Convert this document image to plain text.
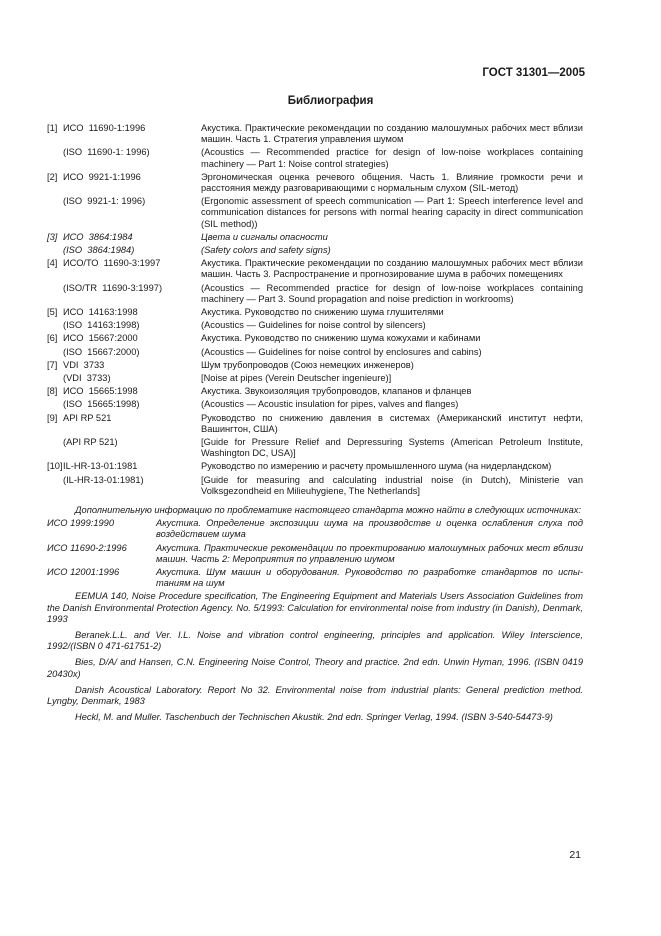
ГОСТ 31301—2005
Библиография
[1] ИСО  11690-1:1996	Акустика. Практические рекомендации по созданию малошумных рабочих мест вблизи машин. Часть 1. Стратегия управления шумом
(ISO  11690-1: 1996)	(Acoustics — Recommended practice for design of low-noise workplaces containing machinery — Part 1: Noise control strategies)
[2] ИСО  9921-1:1996	Эргономическая оценка речевого общения. Часть 1. Влияние громкости речи и расстояния между разговаривающими с нормальным слухом (SIL-метод)
(ISO  9921-1: 1996)	(Ergonomic assessment of speech communication — Part 1: Speech interference level and communication distances for persons with normal hearing capacity in direct communication (SIL method))
[3] ИСО  3864:1984	Цвета и сигналы опасности
(ISO  3864:1984)	(Safety colors and safety signs)
[4] ИСО/ТО  11690-3:1997	Акустика. Практические рекомендации по созданию малошумных рабочих мест вблизи машин. Часть 3. Распространение и прогнозирование шума в рабочих помещениях
(ISO/TR  11690-3:1997)	(Acoustics — Recommended practice for design of low-noise workplaces containing machinery — Part 3. Sound propagation and noise prediction in workrooms)
[5] ИСО  14163:1998	Акустика. Руководство по снижению шума глушителями
(ISO  14163:1998)	(Acoustics — Guidelines for noise control by silencers)
[6] ИСО  15667:2000	Акустика. Руководство по снижению шума кожухами и кабинами
(ISO  15667:2000)	(Acoustics — Guidelines for noise control by enclosures and cabins)
[7] VDI  3733	Шум трубопроводов (Союз немецких инженеров)
(VDI  3733)	[Noise at pipes (Verein Deutscher ingenieure)]
[8] ИСО  15665:1998	Акустика. Звукоизоляция трубопроводов, клапанов и фланцев
(ISO  15665:1998)	(Acoustics — Acoustic insulation for pipes, valves and flanges)
[9] API RP 521	Руководство по снижению давления в системах (Американский институт нефти, Вашингтон, США)
(API RP 521)	[Guide for Pressure Relief and Depressuring Systems (American Petroleum Institute, Washington DC, USA)]
[10] IL-HR-13-01:1981	Руководство по измерению и расчету промышленного шума (на нидерландском)
(IL-HR-13-01:1981)	[Guide for measuring and calculating industrial noise (in Dutch), Ministerie van Volksgezondheid en Milieuhygiene, The Netherlands]
Дополнительную информацию по проблематике настоящего стандарта можно найти в следующих источниках:
ИСО 1999:1990	Акустика. Определение экспозиции шума на производстве и оценка ослабления слуха под воздействием шума
ИСО 11690-2:1996	Акустика. Практические рекомендации по проектированию малошумных рабочих мест вблизи машин. Часть 2: Мероприятия по управлению шумом
ИСО 12001:1996	Акустика. Шум машин и оборудования. Руководство по разработке стандартов по испытаниям на шум
EEMUA 140, Noise Procedure specification, The Engineering Equipment and Materials Users Association Guidelines from the Danish Environmental Protection Agency. No. 5/1993: Calculation for environmental noise from industry (in Danish), Denmark, 1993
Beranek.L.L. and Ver. I.L. Noise and vibration control engineering, principles and application. Wiley Interscience, 1992/(ISBN 0 471-61751-2)
Bies, D/A/ and Hansen, C.N. Engineering Noise Control, Theory and practice. 2nd edn. Unwin Hyman, 1996. (ISBN 0419 20430x)
Danish Acoustical Laboratory. Report No 32. Environmental noise from industrial plants: General prediction method. Lyngby, Denmark, 1983
Heckl, M. and Muller. Taschenbuch der Technischen Akustik. 2nd edn. Springer Verlag, 1994. (ISBN 3-540-54473-9)
21
